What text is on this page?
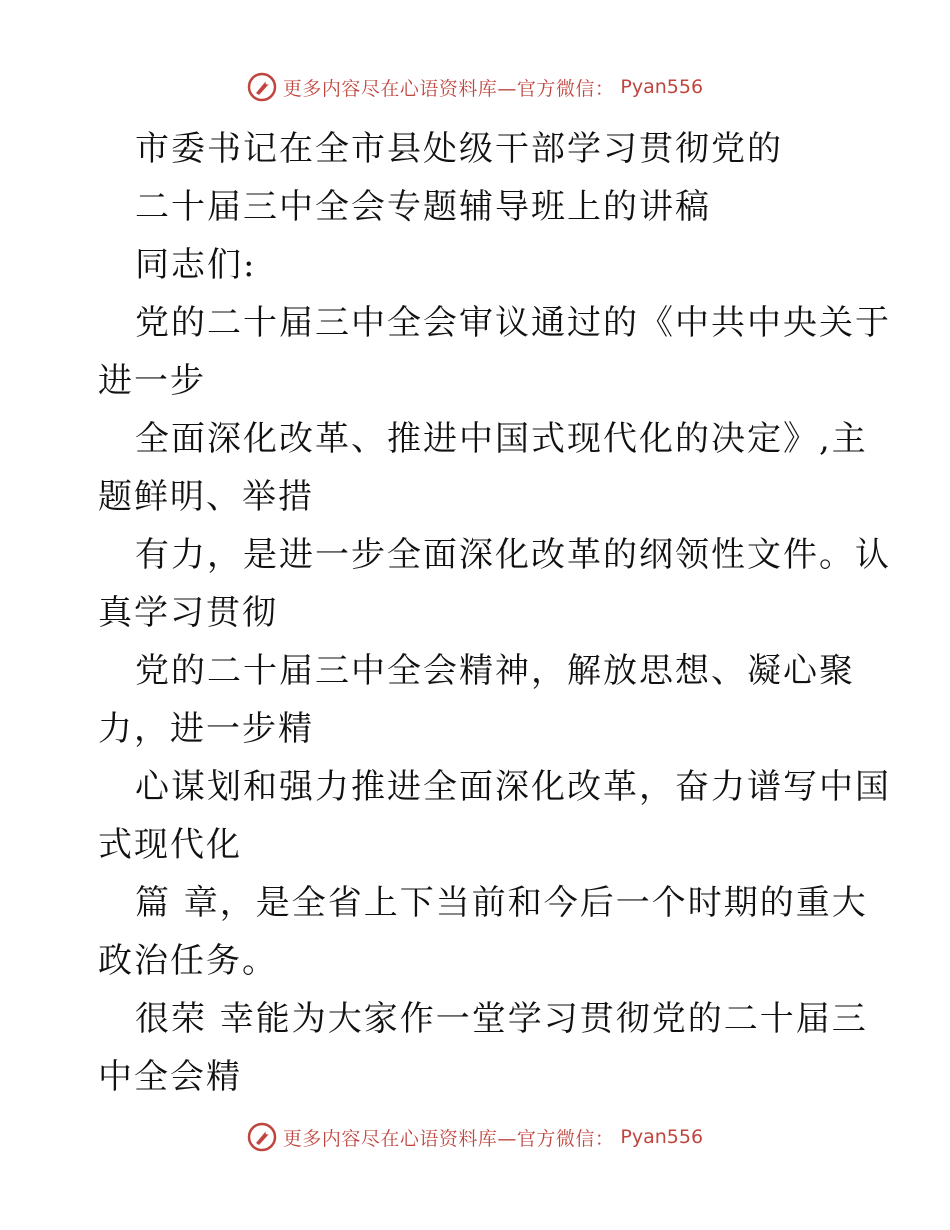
更多内容尽在心语资料库—官方微信： Pyan556
市委书记在全市县处级干部学习贯彻党的
二十届三中全会专题辅导班上的讲稿
同志们:
党的二十届三中全会审议通过的《中共中央关于
进一步
全面深化改革、推进中国式现代化的决定》,主
题鲜明、举措
有力，是进一步全面深化改革的纲领性文件。认
真学习贯彻
党的二十届三中全会精神，解放思想、凝心聚
力，进一步精
心谋划和强力推进全面深化改革，奋力谱写中国
式现代化
篇 章，是全省上下当前和今后一个时期的重大
政治任务。
很荣 幸能为大家作一堂学习贯彻党的二十届三
中全会精
更多内容尽在心语资料库—官方微信： Pyan556
